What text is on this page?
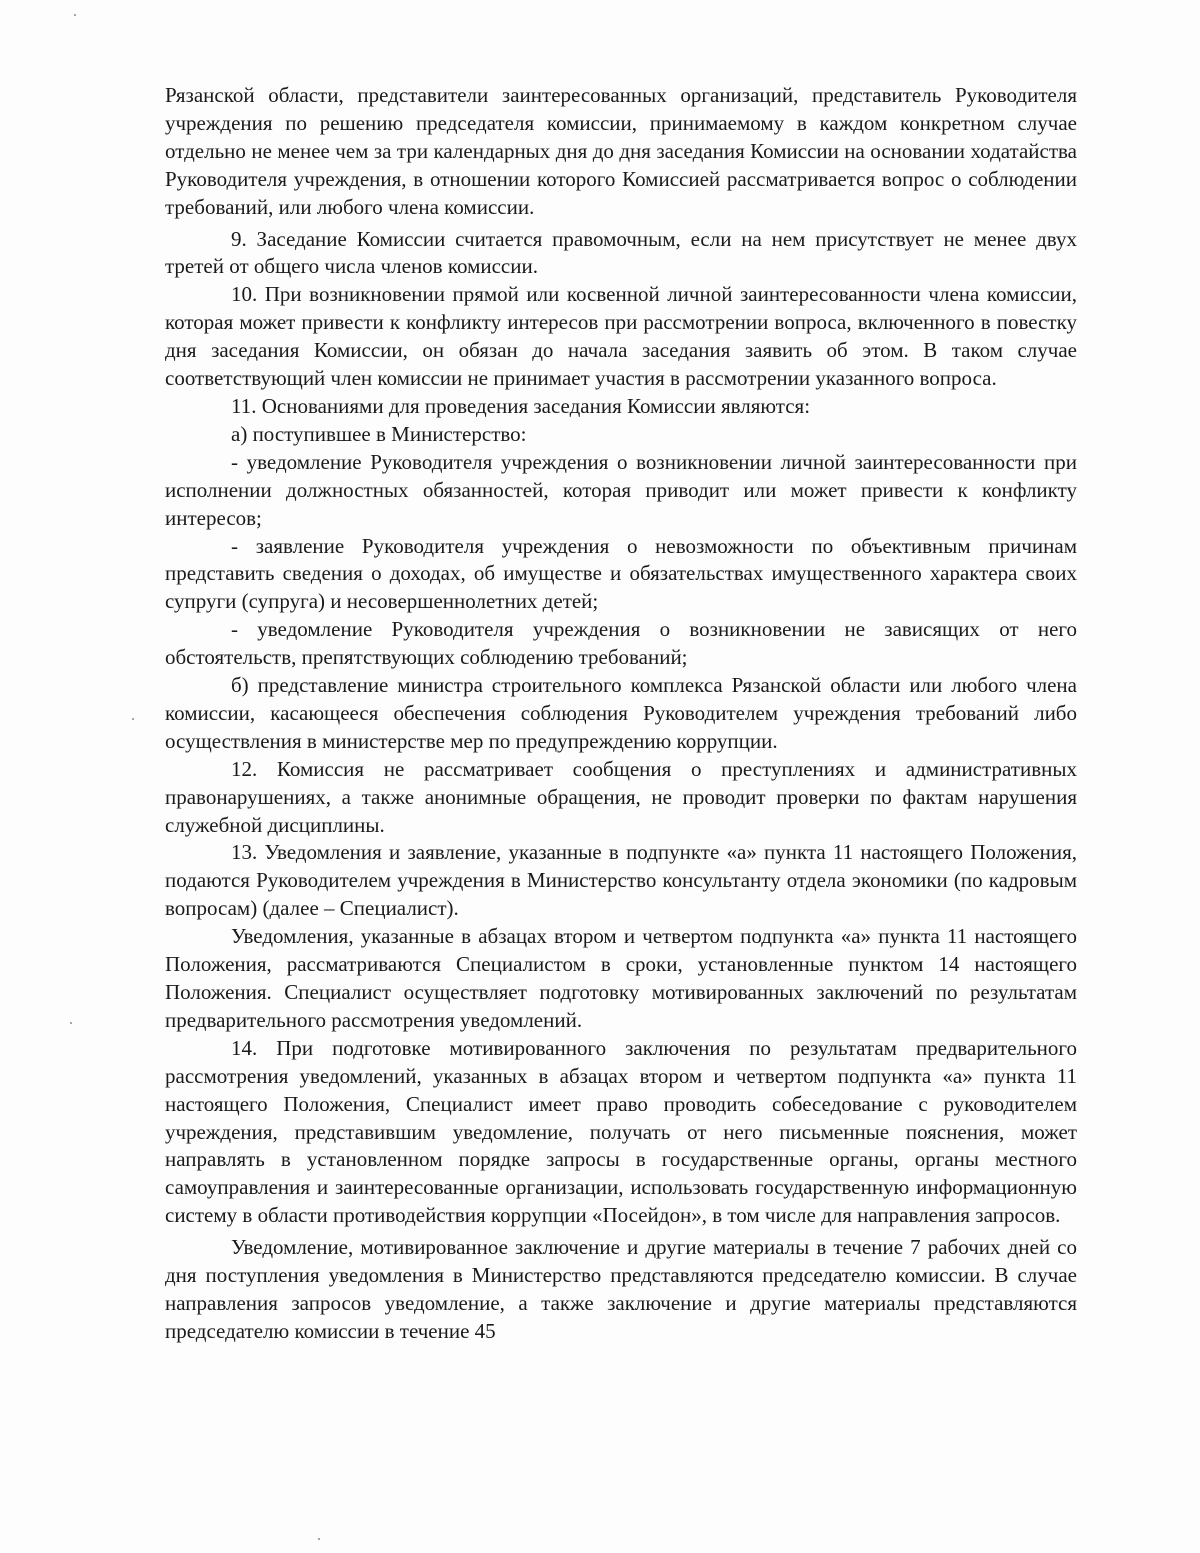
Рязанской области, представители заинтересованных организаций, представитель Руководителя учреждения по решению председателя комиссии, принимаемому в каждом конкретном случае отдельно не менее чем за три календарных дня до дня заседания Комиссии на основании ходатайства Руководителя учреждения, в отношении которого Комиссией рассматривается вопрос о соблюдении требований, или любого члена комиссии.

9. Заседание Комиссии считается правомочным, если на нем присутствует не менее двух третей от общего числа членов комиссии.

10. При возникновении прямой или косвенной личной заинтересованности члена комиссии, которая может привести к конфликту интересов при рассмотрении вопроса, включенного в повестку дня заседания Комиссии, он обязан до начала заседания заявить об этом. В таком случае соответствующий член комиссии не принимает участия в рассмотрении указанного вопроса.

11. Основаниями для проведения заседания Комиссии являются:

а) поступившее в Министерство:

- уведомление Руководителя учреждения о возникновении личной заинтересованности при исполнении должностных обязанностей, которая приводит или может привести к конфликту интересов;

- заявление Руководителя учреждения о невозможности по объективным причинам представить сведения о доходах, об имуществе и обязательствах имущественного характера своих супруги (супруга) и несовершеннолетних детей;

- уведомление Руководителя учреждения о возникновении не зависящих от него обстоятельств, препятствующих соблюдению требований;

б) представление министра строительного комплекса Рязанской области или любого члена комиссии, касающееся обеспечения соблюдения Руководителем учреждения требований либо осуществления в министерстве мер по предупреждению коррупции.

12. Комиссия не рассматривает сообщения о преступлениях и административных правонарушениях, а также анонимные обращения, не проводит проверки по фактам нарушения служебной дисциплины.

13. Уведомления и заявление, указанные в подпункте «а» пункта 11 настоящего Положения, подаются Руководителем учреждения в Министерство консультанту отдела экономики (по кадровым вопросам) (далее – Специалист).

Уведомления, указанные в абзацах втором и четвертом подпункта «а» пункта 11 настоящего Положения, рассматриваются Специалистом в сроки, установленные пунктом 14 настоящего Положения. Специалист осуществляет подготовку мотивированных заключений по результатам предварительного рассмотрения уведомлений.

14. При подготовке мотивированного заключения по результатам предварительного рассмотрения уведомлений, указанных в абзацах втором и четвертом подпункта «а» пункта 11 настоящего Положения, Специалист имеет право проводить собеседование с руководителем учреждения, представившим уведомление, получать от него письменные пояснения, может направлять в установленном порядке запросы в государственные органы, органы местного самоуправления и заинтересованные организации, использовать государственную информационную систему в области противодействия коррупции «Посейдон», в том числе для направления запросов.

Уведомление, мотивированное заключение и другие материалы в течение 7 рабочих дней со дня поступления уведомления в Министерство представляются председателю комиссии. В случае направления запросов уведомление, а также заключение и другие материалы представляются председателю комиссии в течение 45
